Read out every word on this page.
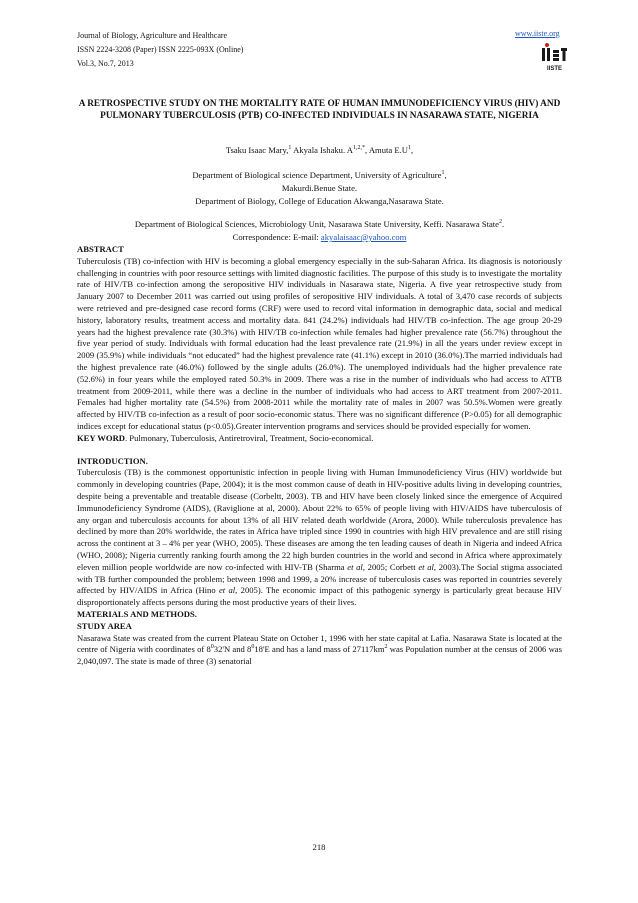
Journal of Biology, Agriculture and Healthcare
ISSN 2224-3208 (Paper) ISSN 2225-093X (Online)
Vol.3, No.7, 2013
www.iiste.org
IISTE
A RETROSPECTIVE STUDY ON THE MORTALITY RATE OF HUMAN IMMUNODEFICIENCY VIRUS (HIV) AND PULMONARY TUBERCULOSIS (PTB) CO-INFECTED INDIVIDUALS IN NASARAWA STATE, NIGERIA
Tsaku Isaac Mary,$^1$ Akyala Ishaku. $A^{1,2,*}$, Amuta $E.U^1$,
Department of Biological science Department, University of Agriculture$^1$,
Makurdi.Benue State.
Department of Biology, College of Education Akwanga,Nasarawa State.
Department of Biological Sciences, Microbiology Unit, Nasarawa State University, Keffi. Nasarawa State$^2$.
Correspondence: E-mail: akyalaisaac@yahoo.com
ABSTRACT

Tuberculosis (TB) co-infection with HIV is becoming a global emergency especially in the sub-Saharan Africa. Its diagnosis is notoriously challenging in countries with poor resource settings with limited diagnostic facilities. The purpose of this study is to investigate the mortality rate of HIV/TB co-infection among the seropositive HIV individuals in Nasarawa state, Nigeria. A five year retrospective study from January 2007 to December 2011 was carried out using profiles of seropositive HIV individuals. A total of 3,470 case records of subjects were retrieved and pre-designed case record forms (CRF) were used to record vital information in demographic data, social and medical history, laboratory results, treatment access and mortality data. 841 (24.2%) individuals had HIV/TB co-infection. The age group 20-29 years had the highest prevalence rate (30.3%) with HIV/TB co-infection while females had higher prevalence rate (56.7%) throughout the five year period of study. Individuals with formal education had the least prevalence rate (21.9%) in all the years under review except in 2009 (35.9%) while individuals “not educated” had the highest prevalence rate (41.1%) except in 2010 (36.0%).The married individuals had the highest prevalence rate (46.0%) followed by the single adults (26.0%). The unemployed individuals had the higher prevalence rate (52.6%) in four years while the employed rated 50.3% in 2009. There was a rise in the number of individuals who had access to ATTB treatment from 2009-2011, while there was a decline in the number of individuals who had access to ART treatment from 2007-2011. Females had higher mortality rate (54.5%) from 2008-2011 while the mortality rate of males in 2007 was 50.5%.Women were greatly affected by HIV/TB co-infection as a result of poor socio-economic status. There was no significant difference (P>0.05) for all demographic indices except for educational status (p<0.05).Greater intervention programs and services should be provided especially for women.

KEY WORD. Pulmonary, Tuberculosis, Antiretroviral, Treatment, Socio-economical.

INTRODUCTION.

Tuberculosis (TB) is the commonest opportunistic infection in people living with Human Immunodeficiency Virus (HIV) worldwide but commonly in developing countries (Pape, 2004); it is the most common cause of death in HIV-positive adults living in developing countries, despite being a preventable and treatable disease (Corbeltt, 2003). TB and HIV have been closely linked since the emergence of Acquired Immunodeficiency Syndrome (AIDS), (Raviglione at al, 2000). About 22% to 65% of people living with HIV/AIDS have tuberculosis of any organ and tuberculosis accounts for about 13% of all HIV related death worldwide (Arora, 2000). While tuberculosis prevalence has declined by more than 20% worldwide, the rates in Africa have tripled since 1990 in countries with high HIV prevalence and are still rising across the continent at 3 – 4% per year (WHO, 2005). These diseases are among the ten leading causes of death in Nigeria and indeed Africa (WHO, 2008); Nigeria currently ranking fourth among the 22 high burden countries in the world and second in Africa where approximately eleven million people worldwide are now co-infected with HIV-TB (Sharma et al, 2005; Corbett et al, 2003).The Social stigma associated with TB further compounded the problem; between 1998 and 1999, a 20% increase of tuberculosis cases was reported in countries severely affected by HIV/AIDS in Africa (Hino et al, 2005). The economic impact of this pathogenic synergy is particularly great because HIV disproportionately affects persons during the most productive years of their lives.

MATERIALS AND METHODS.
STUDY AREA

Nasarawa State was created from the current Plateau State on October 1, 1996 with her state capital at Lafia. Nasarawa State is located at the centre of Nigeria with coordinates of $8^032'N$ and $8^018'E$ and has a land mass of $27117km^2$ was Population number at the census of 2006 was 2,040,097. The state is made of three (3) senatorial

218
